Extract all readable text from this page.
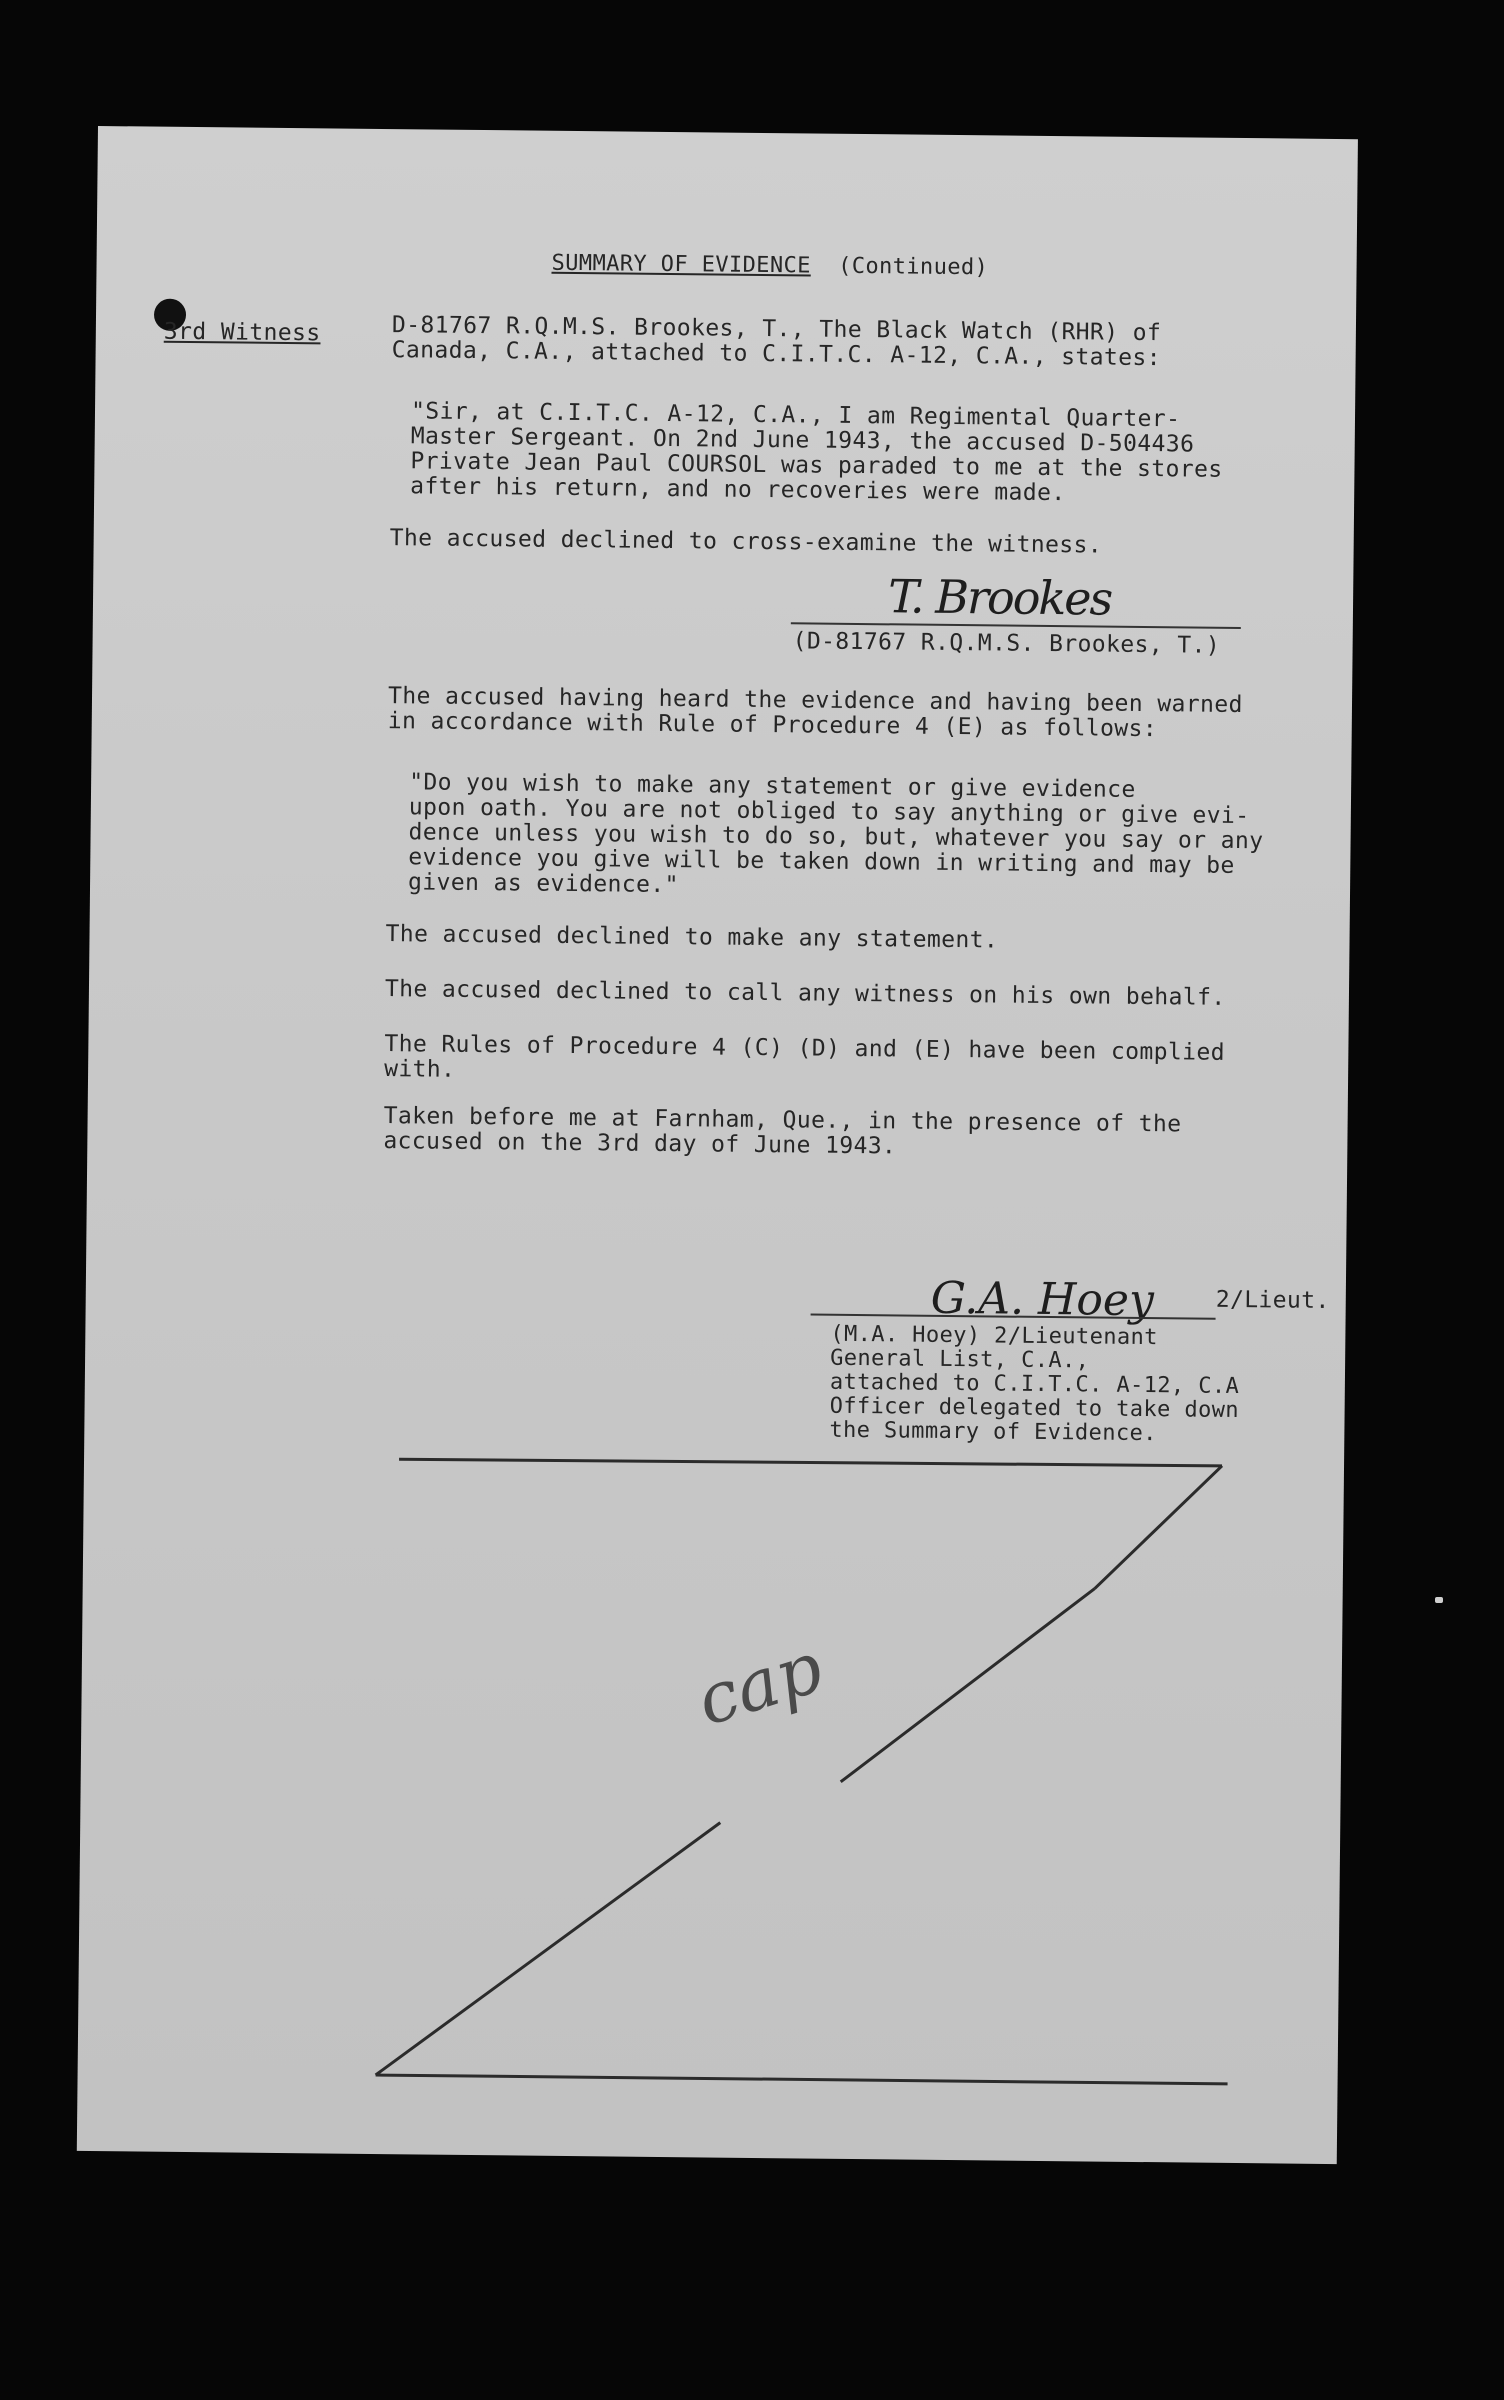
SUMMARY OF EVIDENCE (Continued)
3rd Witness	D-81767 R.Q.M.S. Brookes, T., The Black Watch (RHR) of
Canada, C.A., attached to C.I.T.C. A-12, C.A., states:
"Sir, at C.I.T.C. A-12, C.A., I am Regimental Quarter-
Master Sergeant. On 2nd June 1943, the accused D-504436
Private Jean Paul COURSOL was paraded to me at the stores
after his return, and no recoveries were made.
The accused declined to cross-examine the witness.
T. Brookes
(D-81767 R.Q.M.S. Brookes, T.)
The accused having heard the evidence and having been warned
in accordance with Rule of Procedure 4 (E) as follows:
"Do you wish to make any statement or give evidence
upon oath. You are not obliged to say anything or give evi-
dence unless you wish to do so, but, whatever you say or any
evidence you give will be taken down in writing and may be
given as evidence."
The accused declined to make any statement.
The accused declined to call any witness on his own behalf.
The Rules of Procedure 4 (C) (D) and (E) have been complied
with.
Taken before me at Farnham, Que., in the presence of the
accused on the 3rd day of June 1943.
G.A. Hoey	2/Lieut.
(M.A. Hoey) 2/Lieutenant
General List, C.A.,
attached to C.I.T.C. A-12, C.A
Officer delegated to take down
the Summary of Evidence.
cap
